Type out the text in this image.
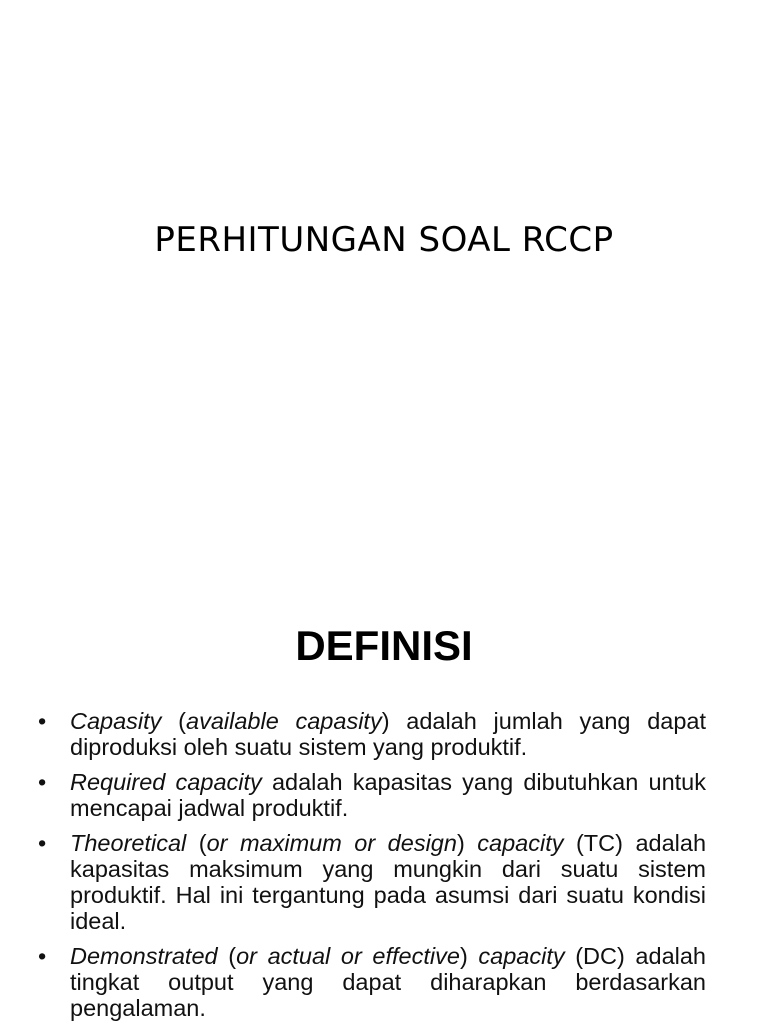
PERHITUNGAN SOAL RCCP
DEFINISI
•	Capasity (available capasity) adalah jumlah yang dapat diproduksi oleh suatu sistem yang produktif.
•	Required capacity adalah kapasitas yang dibutuhkan untuk mencapai jadwal produktif.
•	Theoretical (or maximum or design) capacity (TC) adalah kapasitas maksimum yang mungkin dari suatu sistem produktif. Hal ini tergantung pada asumsi dari suatu kondisi ideal.
•	Demonstrated (or actual or effective) capacity (DC) adalah tingkat output yang dapat diharapkan berdasarkan pengalaman.
